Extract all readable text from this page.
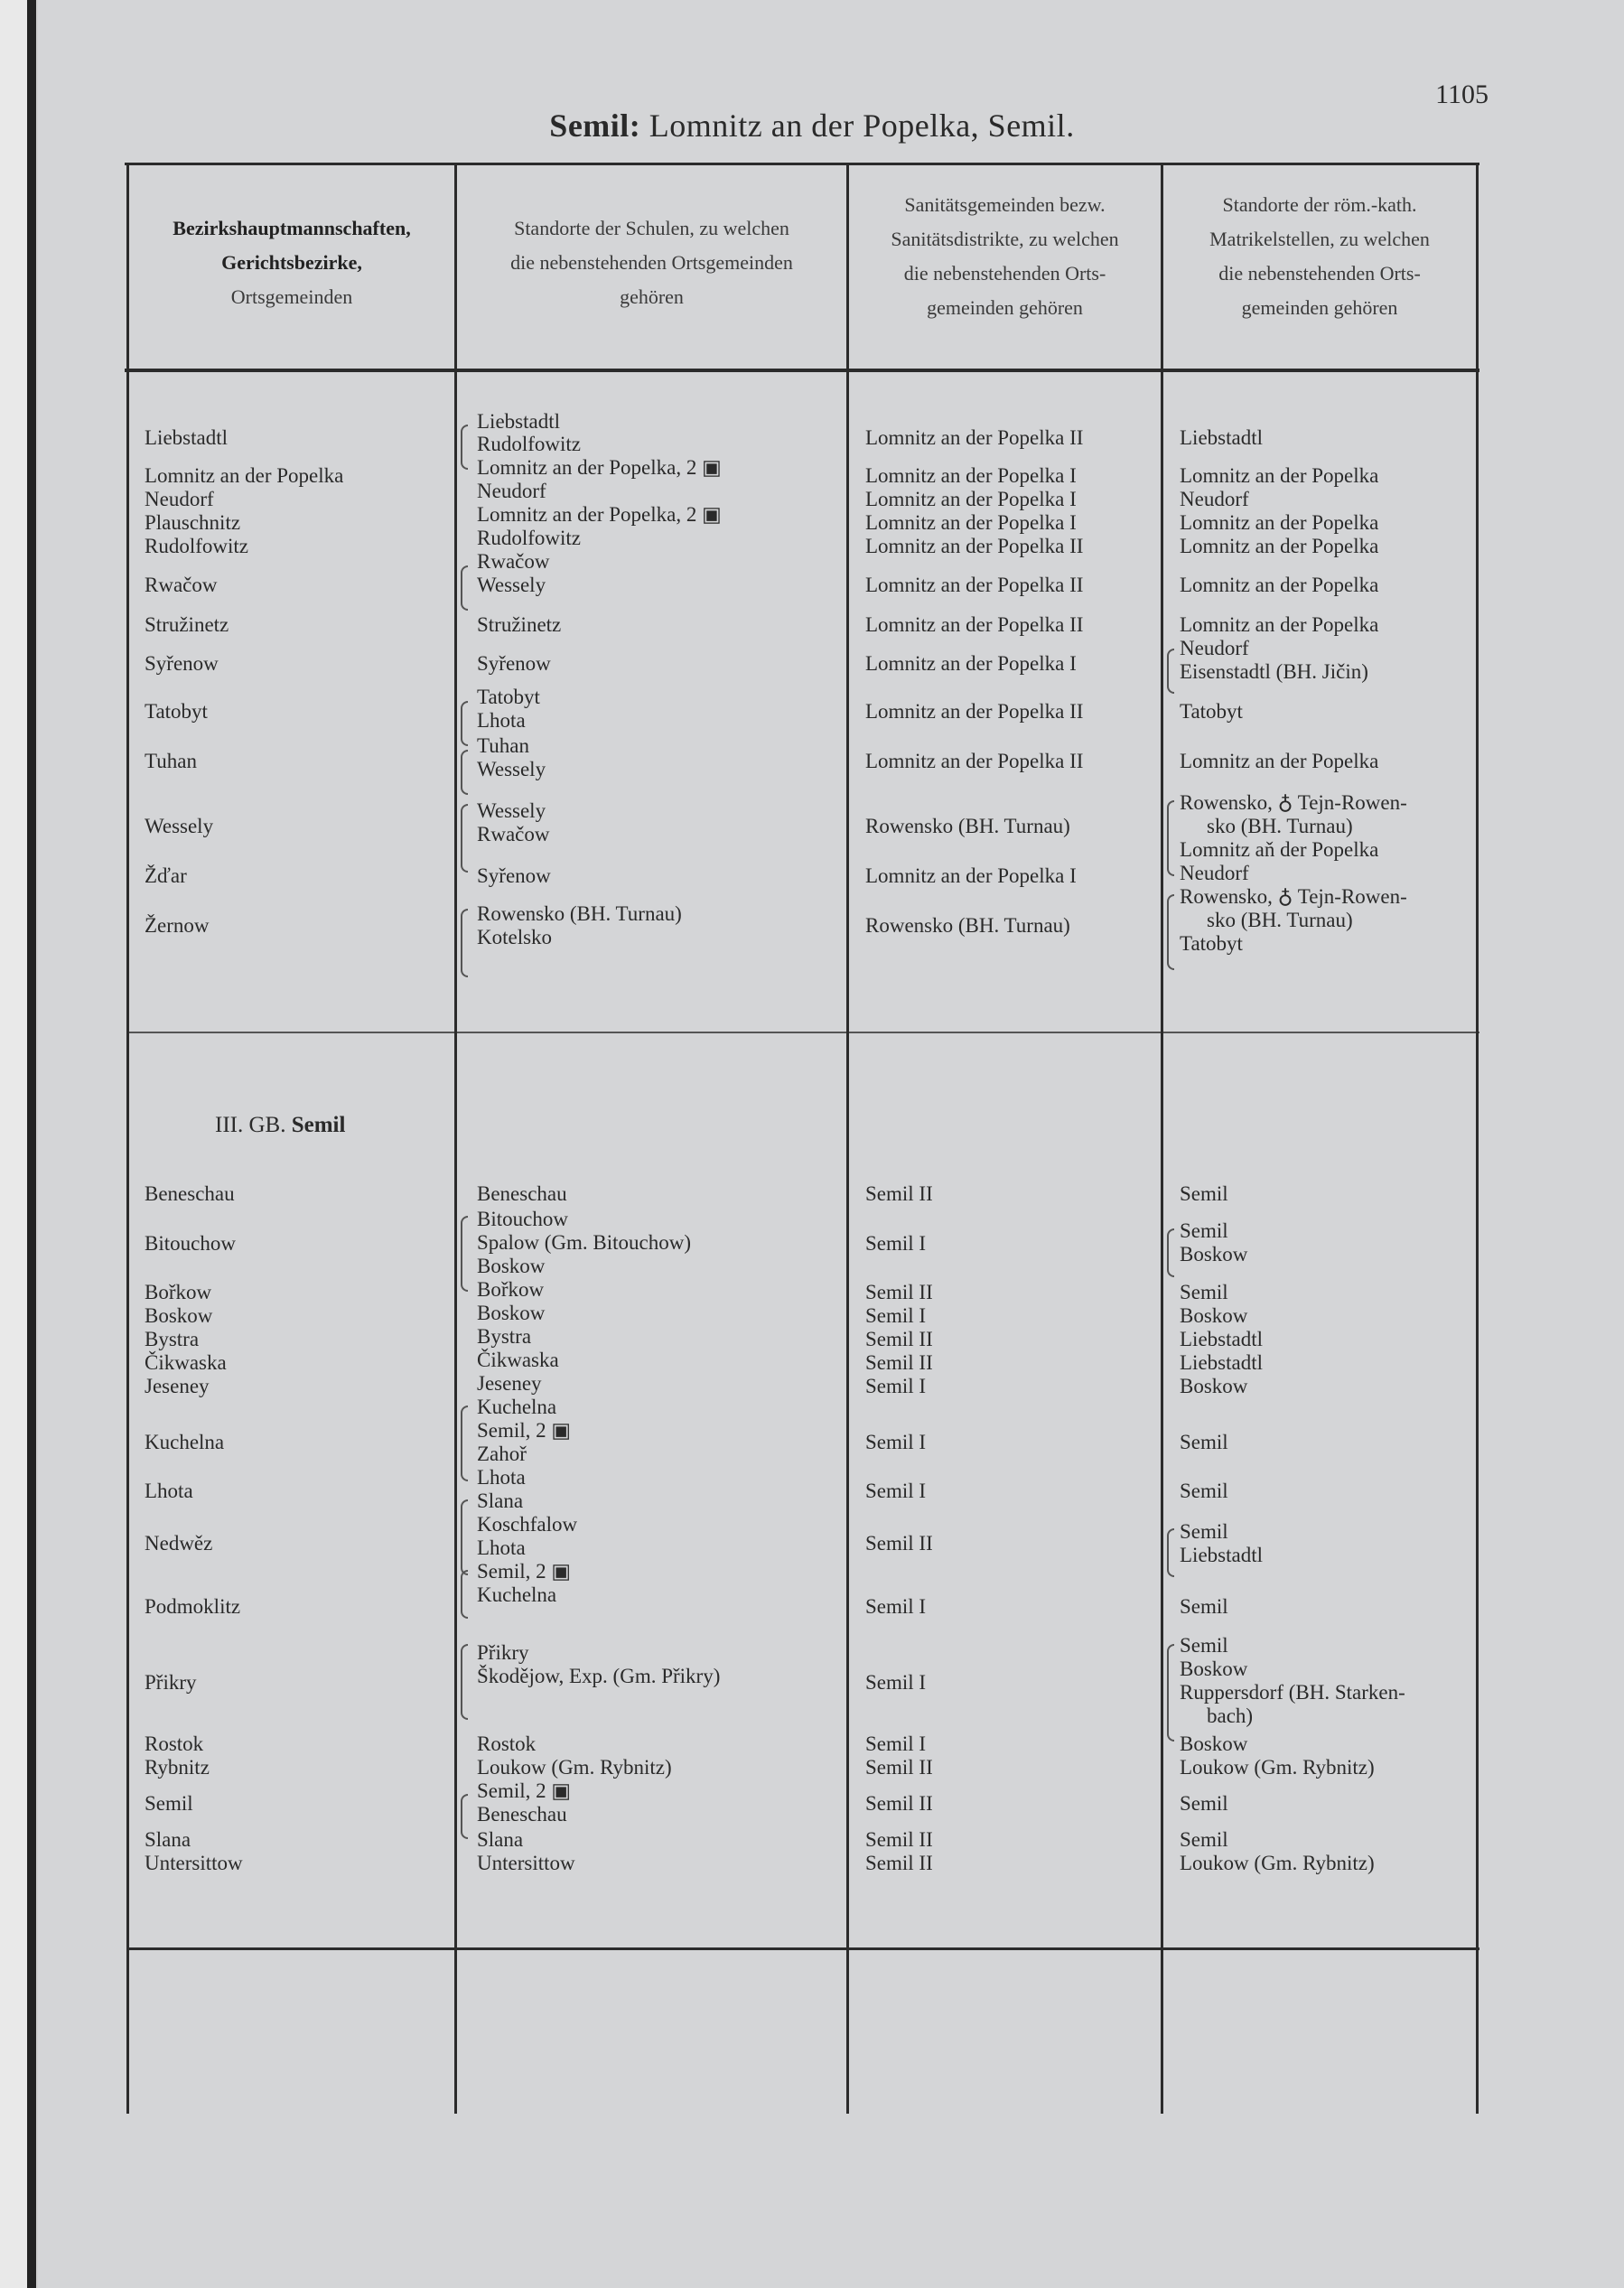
Semil: Lomnitz an der Popelka, Semil.
1105
Bezirkshauptmannschaften,
Gerichtsbezirke,
Ortsgemeinden
Standorte der Schulen, zu welchen
die nebenstehenden Ortsgemeinden
gehören
Sanitätsgemeinden bezw.
Sanitätsdistrikte, zu welchen
die nebenstehenden Orts-
gemeinden gehören
Standorte der röm.-kath.
Matrikelstellen, zu welchen
die nebenstehenden Orts-
gemeinden gehören
III. GB. Semil
Liebstadtl
Lomnitz an der Popelka
Neudorf
Plauschnitz
Rudolfowitz
Rwačow
Stružinetz
Syřenow
Tatobyt
Tuhan
Wessely
Žďar
Žernow
Liebstadtl
Rudolfowitz
Lomnitz an der Popelka, 2 ▣
Neudorf
Lomnitz an der Popelka, 2 ▣
Rudolfowitz
Rwačow
Wessely
Stružinetz
Syřenow
Tatobyt
Lhota
Tuhan
Wessely
Wessely
Rwačow
Syřenow
Rowensko (BH. Turnau)
Kotelsko
Lomnitz an der Popelka II
Lomnitz an der Popelka I
Lomnitz an der Popelka I
Lomnitz an der Popelka I
Lomnitz an der Popelka II
Lomnitz an der Popelka II
Lomnitz an der Popelka II
Lomnitz an der Popelka I
Lomnitz an der Popelka II
Lomnitz an der Popelka II
Rowensko (BH. Turnau)
Lomnitz an der Popelka I
Rowensko (BH. Turnau)
Liebstadtl
Lomnitz an der Popelka
Neudorf
Lomnitz an der Popelka
Lomnitz an der Popelka
Lomnitz an der Popelka
Lomnitz an der Popelka
Neudorf
Eisenstadtl (BH. Jičin)
Tatobyt
Lomnitz an der Popelka
Rowensko, ♁ Tejn-Rowen-
sko (BH. Turnau)
Lomnitz aň der Popelka
Neudorf
Rowensko, ♁ Tejn-Rowen-
sko (BH. Turnau)
Tatobyt
Beneschau
Bitouchow
Bořkow
Boskow
Bystra
Čikwaska
Jeseney
Kuchelna
Lhota
Nedwěz
Podmoklitz
Přikry
Rostok
Rybnitz
Semil
Slana
Untersittow
Beneschau
Bitouchow
Spalow (Gm. Bitouchow)
Boskow
Bořkow
Boskow
Bystra
Čikwaska
Jeseney
Kuchelna
Semil, 2 ▣
Zahoř
Lhota
Slana
Koschfalow
Lhota
Semil, 2 ▣
Kuchelna
Přikry
Škodějow, Exp. (Gm. Přikry)
Rostok
Loukow (Gm. Rybnitz)
Semil, 2 ▣
Beneschau
Slana
Untersittow
Semil II
Semil I
Semil II
Semil I
Semil II
Semil II
Semil I
Semil I
Semil I
Semil II
Semil I
Semil I
Semil I
Semil II
Semil II
Semil II
Semil II
Semil
Semil
Boskow
Semil
Boskow
Liebstadtl
Liebstadtl
Boskow
Semil
Semil
Semil
Liebstadtl
Semil
Semil
Boskow
Ruppersdorf (BH. Starken-
bach)
Boskow
Loukow (Gm. Rybnitz)
Semil
Semil
Loukow (Gm. Rybnitz)
